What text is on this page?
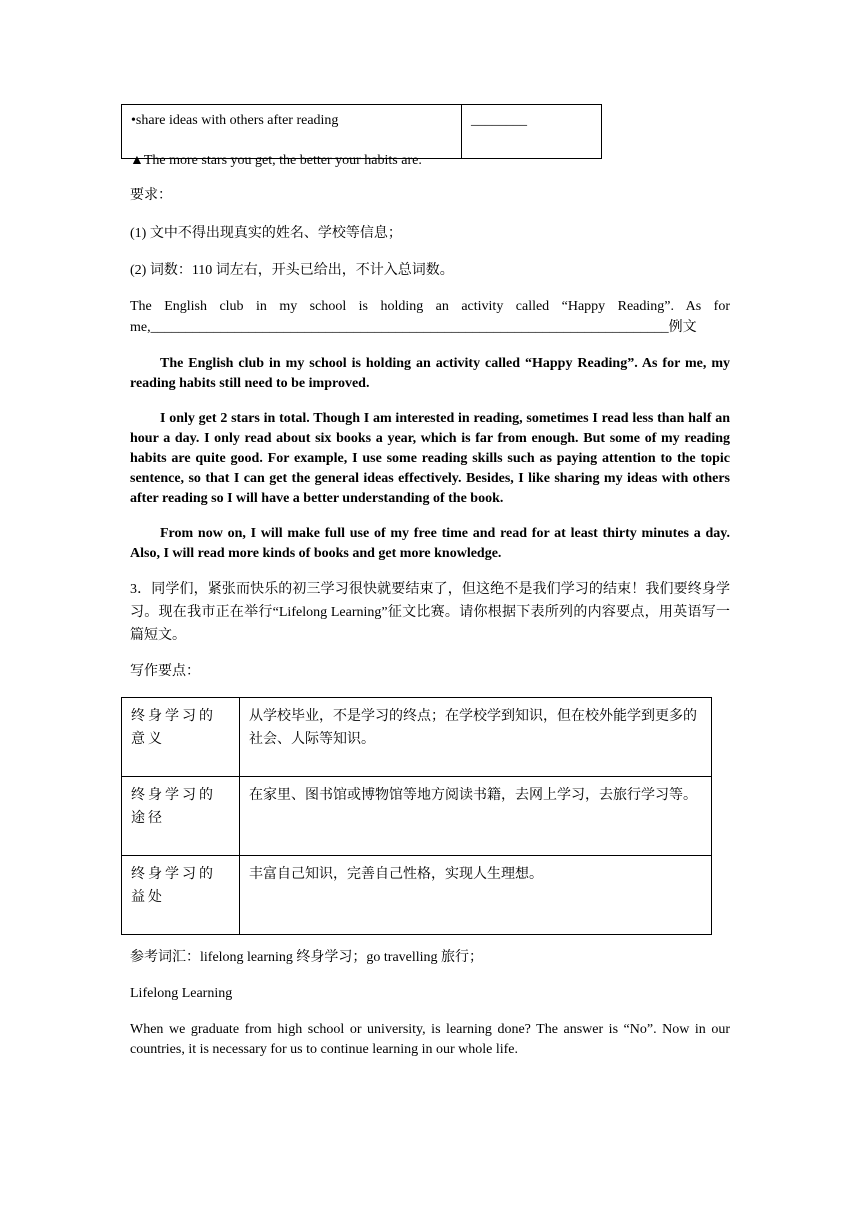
•share ideas with others after reading	________
▲The more stars you get, the better your habits are.
要求：
(1) 文中不得出现真实的姓名、学校等信息；
(2) 词数：110 词左右，开头已给出，不计入总词数。
The English club in my school is holding an activity called “Happy Reading”. As for
me,__________________________________________________________________________例文
The English club in my school is holding an activity called “Happy Reading”. As for me, my reading habits still need to be improved.
I only get 2 stars in total. Though I am interested in reading, sometimes I read less than half an hour a day. I only read about six books a year, which is far from enough. But some of my reading habits are quite good. For example, I use some reading skills such as paying attention to the topic sentence, so that I can get the general ideas effectively. Besides, I like sharing my ideas with others after reading so I will have a better understanding of the book.
From now on, I will make full use of my free time and read for at least thirty minutes a day. Also, I will read more kinds of books and get more knowledge.
3．同学们，紧张而快乐的初三学习很快就要结束了，但这绝不是我们学习的结束！我们要终身学习。现在我市正在举行“Lifelong Learning”征文比赛。请你根据下表所列的内容要点，用英语写一篇短文。
写作要点：
终身学习的意义	从学校毕业，不是学习的终点；在学校学到知识，但在校外能学到更多的社会、人际等知识。
终身学习的途径	在家里、图书馆或博物馆等地方阅读书籍，去网上学习，去旅行学习等。
终身学习的益处	丰富自己知识，完善自己性格，实现人生理想。
参考词汇：lifelong learning 终身学习；go travelling 旅行；
Lifelong Learning
When we graduate from high school or university, is learning done? The answer is “No”. Now in our countries, it is necessary for us to continue learning in our whole life.
